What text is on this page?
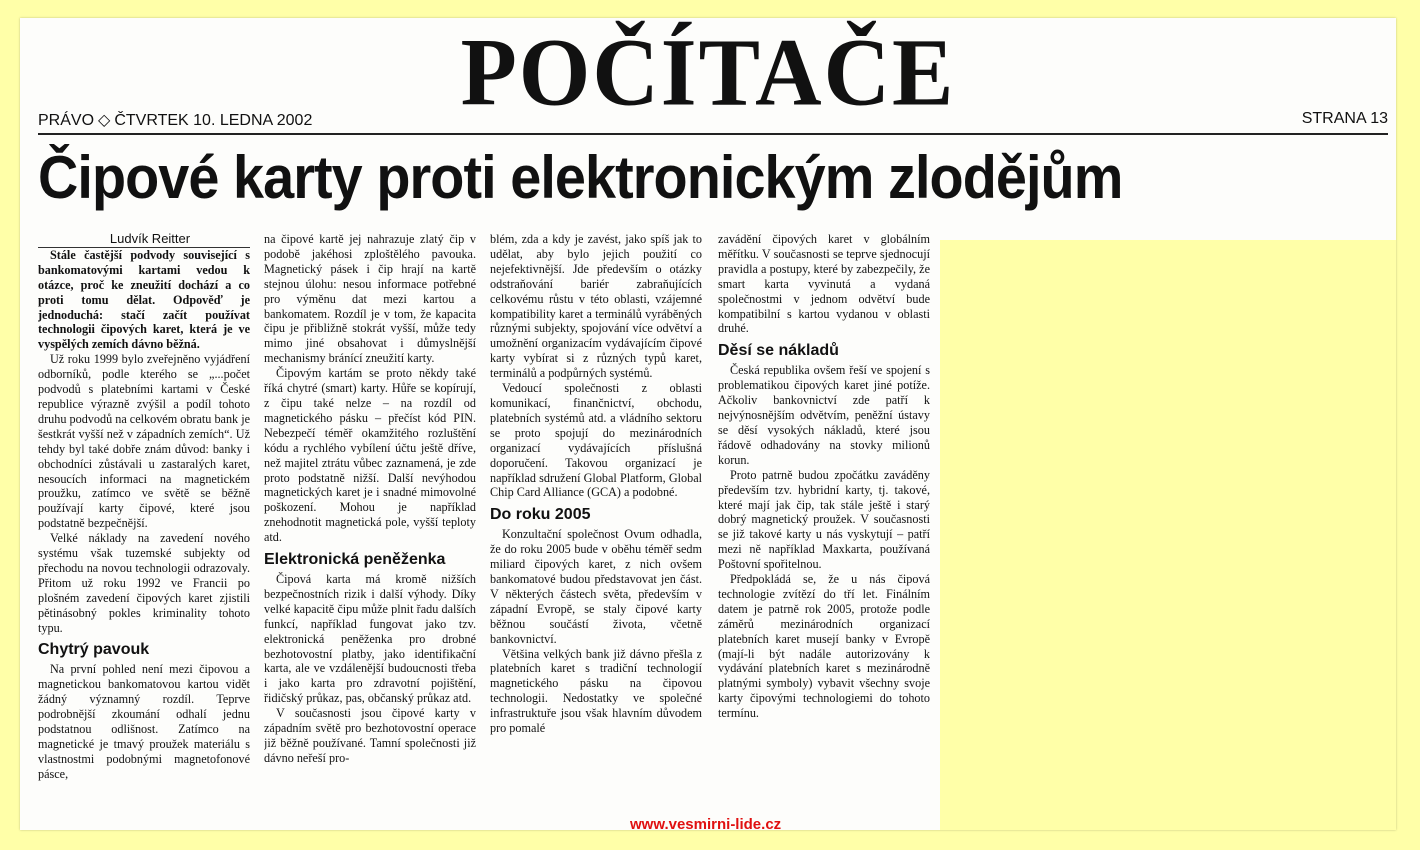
POČÍTAČE
PRÁVO ◇ ČTVRTEK 10. LEDNA 2002	STRANA 13
Čipové karty proti elektronickým zlodějům

Ludvík Reitter

Stále častější podvody související s bankomatovými kartami vedou k otázce, proč ke zneužití dochází a co proti tomu dělat. Odpověď je jednoduchá: stačí začít používat technologii čipových karet, která je ve vyspělých zemích dávno běžná.

Už roku 1999 bylo zveřejněno vyjádření odborníků, podle kterého se „...počet podvodů s platebními kartami v České republice výrazně zvýšil a podíl tohoto druhu podvodů na celkovém obratu bank je šestkrát vyšší než v západních zemích“. Už tehdy byl také dobře znám důvod: banky i obchodníci zůstávali u zastaralých karet, nesoucích informaci na magnetickém proužku, zatímco ve světě se běžně používají karty čipové, které jsou podstatně bezpečnější.

Velké náklady na zavedení nového systému však tuzemské subjekty od přechodu na novou technologii odrazovaly. Přitom už roku 1992 ve Francii po plošném zavedení čipových karet zjistili pětinásobný pokles kriminality tohoto typu.

Chytrý pavouk

Na první pohled není mezi čipovou a magnetickou bankomatovou kartou vidět žádný významný rozdíl. Teprve podrobnější zkoumání odhalí jednu podstatnou odlišnost. Zatímco na magnetické je tmavý proužek materiálu s vlastnostmi podobnými magnetofonové pásce,

na čipové kartě jej nahrazuje zlatý čip v podobě jakéhosi zploštělého pavouka. Magnetický pásek i čip hrají na kartě stejnou úlohu: nesou informace potřebné pro výměnu dat mezi kartou a bankomatem. Rozdíl je v tom, že kapacita čipu je přibližně stokrát vyšší, může tedy mimo jiné obsahovat i důmyslnější mechanismy bránící zneužití karty.

Čipovým kartám se proto někdy také říká chytré (smart) karty. Hůře se kopírují, z čipu také nelze – na rozdíl od magnetického pásku – přečíst kód PIN. Nebezpečí téměř okamžitého rozluštění kódu a rychlého vybílení účtu ještě dříve, než majitel ztrátu vůbec zaznamená, je zde proto podstatně nižší. Další nevýhodou magnetických karet je i snadné mimovolné poškození. Mohou je například znehodnotit magnetická pole, vyšší teploty atd.

Elektronická peněženka

Čipová karta má kromě nižších bezpečnostních rizik i další výhody. Díky velké kapacitě čipu může plnit řadu dalších funkcí, například fungovat jako tzv. elektronická peněženka pro drobné bezhotovostní platby, jako identifikační karta, ale ve vzdálenější budoucnosti třeba i jako karta pro zdravotní pojištění, řidičský průkaz, pas, občanský průkaz atd.

V současnosti jsou čipové karty v západním světě pro bezhotovostní operace již běžně používané. Tamní společnosti již dávno neřeší pro-

blém, zda a kdy je zavést, jako spíš jak to udělat, aby bylo jejich použití co nejefektivnější. Jde především o otázky odstraňování bariér zabraňujících celkovému růstu v této oblasti, vzájemné kompatibility karet a terminálů vyráběných různými subjekty, spojování více odvětví a umožnění organizacím vydávajícím čipové karty vybírat si z různých typů karet, terminálů a podpůrných systémů.

Vedoucí společnosti z oblasti komunikací, finančnictví, obchodu, platebních systémů atd. a vládního sektoru se proto spojují do mezinárodních organizací vydávajících příslušná doporučení. Takovou organizací je například sdružení Global Platform, Global Chip Card Alliance (GCA) a podobné.

Do roku 2005

Konzultační společnost Ovum odhadla, že do roku 2005 bude v oběhu téměř sedm miliard čipových karet, z nich ovšem bankomatové budou představovat jen část. V některých částech světa, především v západní Evropě, se staly čipové karty běžnou součástí života, včetně bankovnictví.

Většina velkých bank již dávno přešla z platebních karet s tradiční technologií magnetického pásku na čipovou technologii. Nedostatky ve společné infrastruktuře jsou však hlavním důvodem pro pomalé

zavádění čipových karet v globálním měřítku. V současnosti se teprve sjednocují pravidla a postupy, které by zabezpečily, že smart karta vyvinutá a vydaná společnostmi v jednom odvětví bude kompatibilní s kartou vydanou v oblasti druhé.

Děsí se nákladů

Česká republika ovšem řeší ve spojení s problematikou čipových karet jiné potíže. Ačkoliv bankovnictví zde patří k nejvýnosnějším odvětvím, peněžní ústavy se děsí vysokých nákladů, které jsou řádově odhadovány na stovky milionů korun.

Proto patrně budou zpočátku zaváděny především tzv. hybridní karty, tj. takové, které mají jak čip, tak stále ještě i starý dobrý magnetický proužek. V současnosti se již takové karty u nás vyskytují – patří mezi ně například Maxkarta, používaná Poštovní spořitelnou.

Předpokládá se, že u nás čipová technologie zvítězí do tří let. Finálním datem je patrně rok 2005, protože podle záměrů mezinárodních organizací platebních karet musejí banky v Evropě (mají-li být nadále autorizovány k vydávání platebních karet s mezinárodně platnými symboly) vybavit všechny svoje karty čipovými technologiemi do tohoto termínu.

www.vesmirni-lide.cz
